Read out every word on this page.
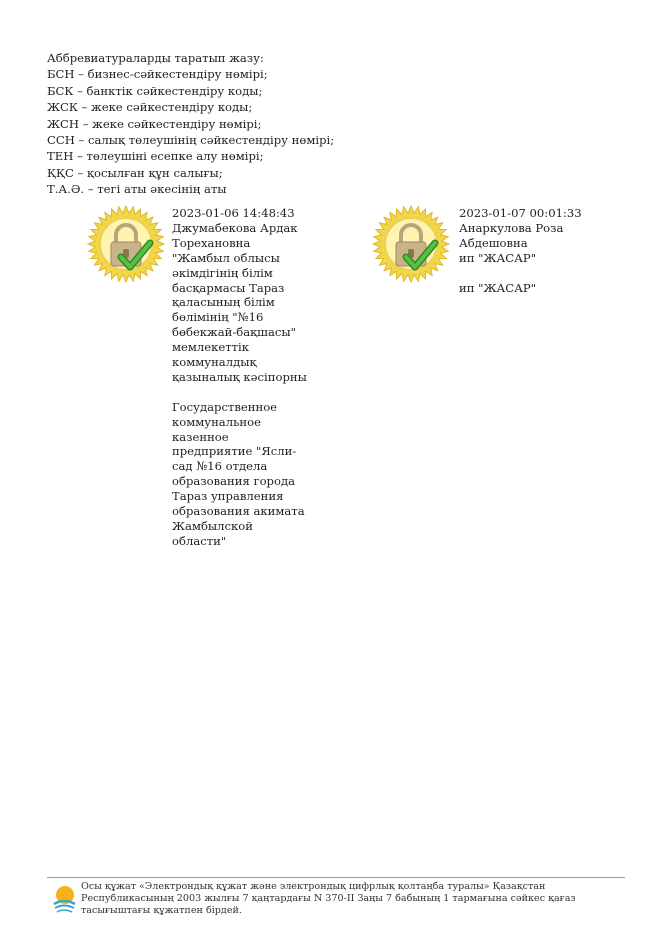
Аббревиатураларды таратып жазу:
БСН – бизнес-сәйкестендіру нөмірі;
БСК – банктік сәйкестендіру коды;
ЖСК – жеке сәйкестендіру коды;
ЖСН – жеке сәйкестендіру нөмірі;
ССН – салық төлеушінің сәйкестендіру нөмірі;
ТЕН – төлеушіні есепке алу нөмірі;
ҚҚС – қосылған құн салығы;
Т.А.Ә. – тегі аты әкесінің аты
2023-01-06 14:48:43
Джумабекова Ардак
Торехановна
"Жамбыл облысы
әкімдігінің білім
басқармасы Тараз
қаласының білім
бөлімінің "№16
бөбекжай-бақшасы"
мемлекеттік
коммуналдық
қазыналық кәсіпорны
Государственное
коммунальное
казенное
предприятие "Ясли-
сад №16 отдела
образования города
Тараз управления
образования акимата
Жамбылской
области"
2023-01-07 00:01:33
Анаркулова Роза
Абдешовна
ип "ЖАСАР"
ип "ЖАСАР"
Осы құжат «Электрондық құжат және электрондық цифрлық қолтаңба туралы» Қазақстан
Республикасының 2003 жылғы 7 қаңтардағы N 370-II Заңы 7 бабының 1 тармағына сәйкес қағаз
тасығыштағы құжатпен бірдей.
